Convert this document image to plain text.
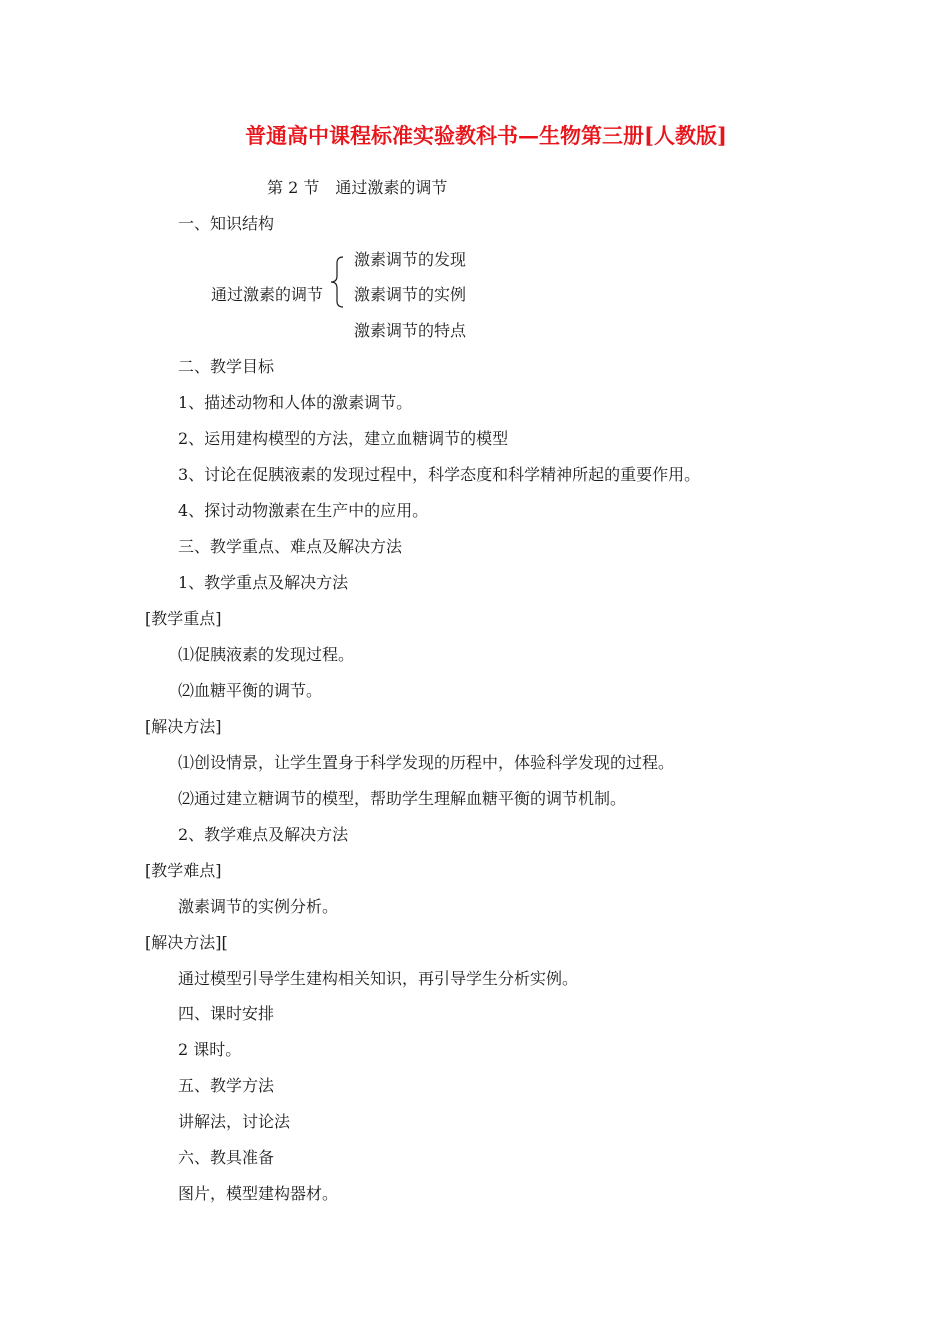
普通高中课程标准实验教科书—生物第三册[人教版]
第 2 节　通过激素的调节
一、知识结构
通过激素的调节
激素调节的发现
激素调节的实例
激素调节的特点
二、教学目标
1、描述动物和人体的激素调节。
2、运用建构模型的方法，建立血糖调节的模型
3、讨论在促胰液素的发现过程中，科学态度和科学精神所起的重要作用。
4、探讨动物激素在生产中的应用。
三、教学重点、难点及解决方法
1、教学重点及解决方法
[教学重点]
⑴促胰液素的发现过程。
⑵血糖平衡的调节。
[解决方法]
⑴创设情景，让学生置身于科学发现的历程中，体验科学发现的过程。
⑵通过建立糖调节的模型，帮助学生理解血糖平衡的调节机制。
2、教学难点及解决方法
[教学难点]
激素调节的实例分析。
[解决方法][
通过模型引导学生建构相关知识，再引导学生分析实例。
四、课时安排
2 课时。
五、教学方法
讲解法，讨论法
六、教具准备
图片，模型建构器材。
